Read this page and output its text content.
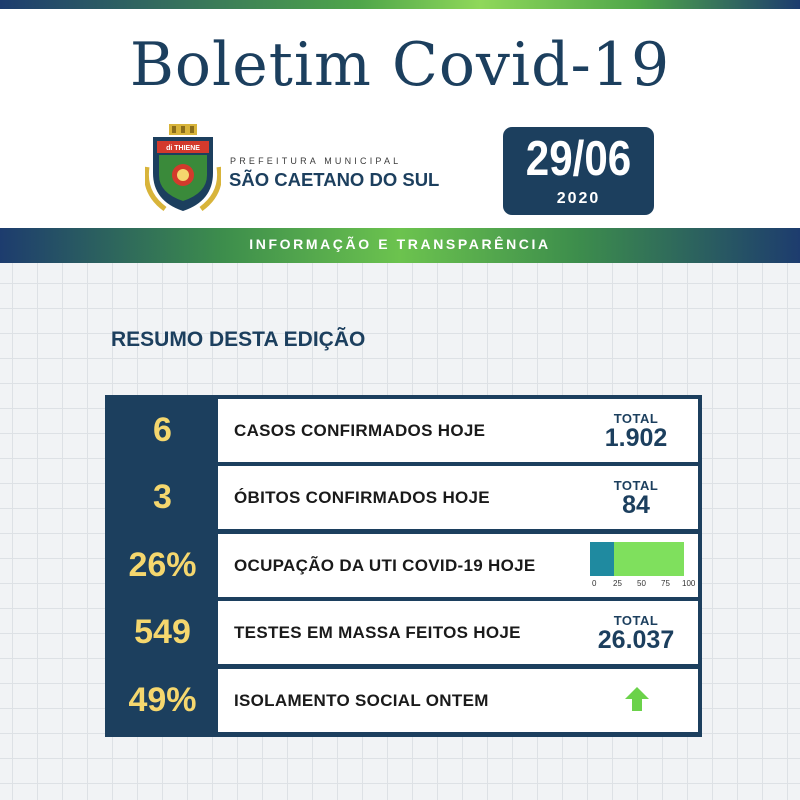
Boletim Covid-19
di THIENE
PREFEITURA MUNICIPAL
SÃO CAETANO DO SUL 29/06
2020
INFORMAÇÃO E TRANSPARÊNCIA
RESUMO DESTA EDIÇÃO
6	CASOS CONFIRMADOS HOJE
TOTAL
1.902
3	ÓBITOS CONFIRMADOS HOJE
TOTAL
84
26%	OCUPAÇÃO DA UTI COVID-19 HOJE
0 25 50 75 100
549	TESTES EM MASSA FEITOS HOJE
TOTAL
26.037
49%	ISOLAMENTO SOCIAL ONTEM
